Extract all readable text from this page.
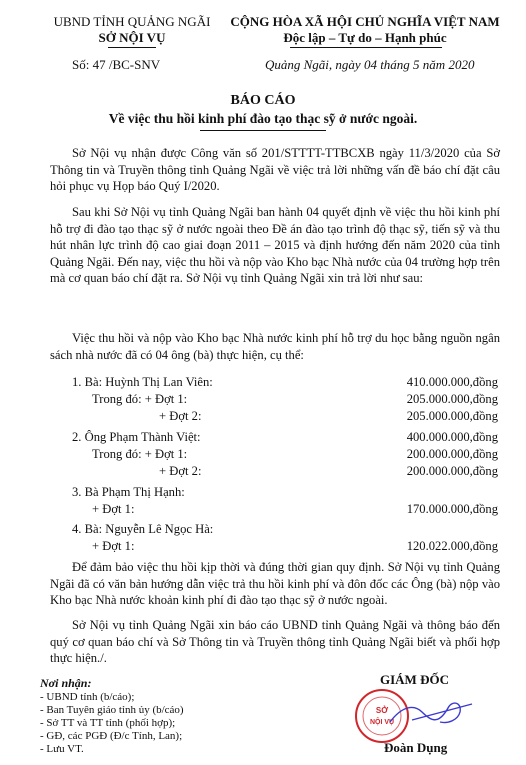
UBND TỈNH QUẢNG NGÃI
SỞ NỘI VỤ
Số: 47 /BC-SNV
CỘNG HÒA XÃ HỘI CHỦ NGHĨA VIỆT NAM
Độc lập – Tự do – Hạnh phúc
Quảng Ngãi, ngày 04 tháng 5 năm 2020
BÁO CÁO
Về việc thu hồi kinh phí đào tạo thạc sỹ ở nước ngoài.

Sở Nội vụ nhận được Công văn số 201/STTTT-TTBCXB ngày 11/3/2020 của Sở Thông tin và Truyền thông tỉnh Quảng Ngãi về việc trả lời những vấn đề báo chí đặt câu hỏi phục vụ Họp báo Quý I/2020.

Sau khi Sở Nội vụ tỉnh Quảng Ngãi ban hành 04 quyết định về việc thu hồi kinh phí hỗ trợ đi đào tạo thạc sỹ ở nước ngoài theo Đề án đào tạo trình độ thạc sỹ, tiến sỹ và thu hút nhân lực trình độ cao giai đoạn 2011 – 2015 và định hướng đến năm 2020 của tỉnh Quảng Ngãi. Đến nay, việc thu hồi và nộp vào Kho bạc Nhà nước của 04 trường hợp trên mà cơ quan báo chí đặt ra. Sở Nội vụ tỉnh Quảng Ngãi xin trả lời như sau:

Việc thu hồi và nộp vào Kho bạc Nhà nước kinh phí hỗ trợ du học bằng nguồn ngân sách nhà nước đã có 04 ông (bà) thực hiện, cụ thể:

1. Bà: Huỳnh Thị Lan Viên:	410.000.000,đồng
Trong đó: + Đợt 1:	205.000.000,đồng
+ Đợt 2:	205.000.000,đồng
2. Ông Phạm Thành Việt:	400.000.000,đồng
Trong đó: + Đợt 1:	200.000.000,đồng
+ Đợt 2:	200.000.000,đồng
3. Bà Phạm Thị Hạnh:
+ Đợt 1:	170.000.000,đồng
4. Bà: Nguyễn Lê Ngọc Hà:
+ Đợt 1:	120.022.000,đồng

Để đảm bảo việc thu hồi kịp thời và đúng thời gian quy định. Sở Nội vụ tỉnh Quảng Ngãi đã có văn bản hướng dẫn việc trả thu hồi kinh phí và đôn đốc các Ông (bà) nộp vào Kho bạc Nhà nước khoản kinh phí đi đào tạo thạc sỹ ở nước ngoài.

Sở Nội vụ tỉnh Quảng Ngãi xin báo cáo UBND tỉnh Quảng Ngãi và thông báo đến quý cơ quan báo chí và Sở Thông tin và Truyền thông tỉnh Quảng Ngãi biết và phối hợp thực hiện./.

Nơi nhận:
- UBND tỉnh (b/cáo);
- Ban Tuyên giáo tỉnh ủy (b/cáo)
- Sở TT và TT tỉnh (phối hợp);
- GĐ, các PGĐ (Đ/c Tính, Lan);
- Lưu VT.
GIÁM ĐỐC
SỞ
NỘI VỤ
Đoàn Dụng
